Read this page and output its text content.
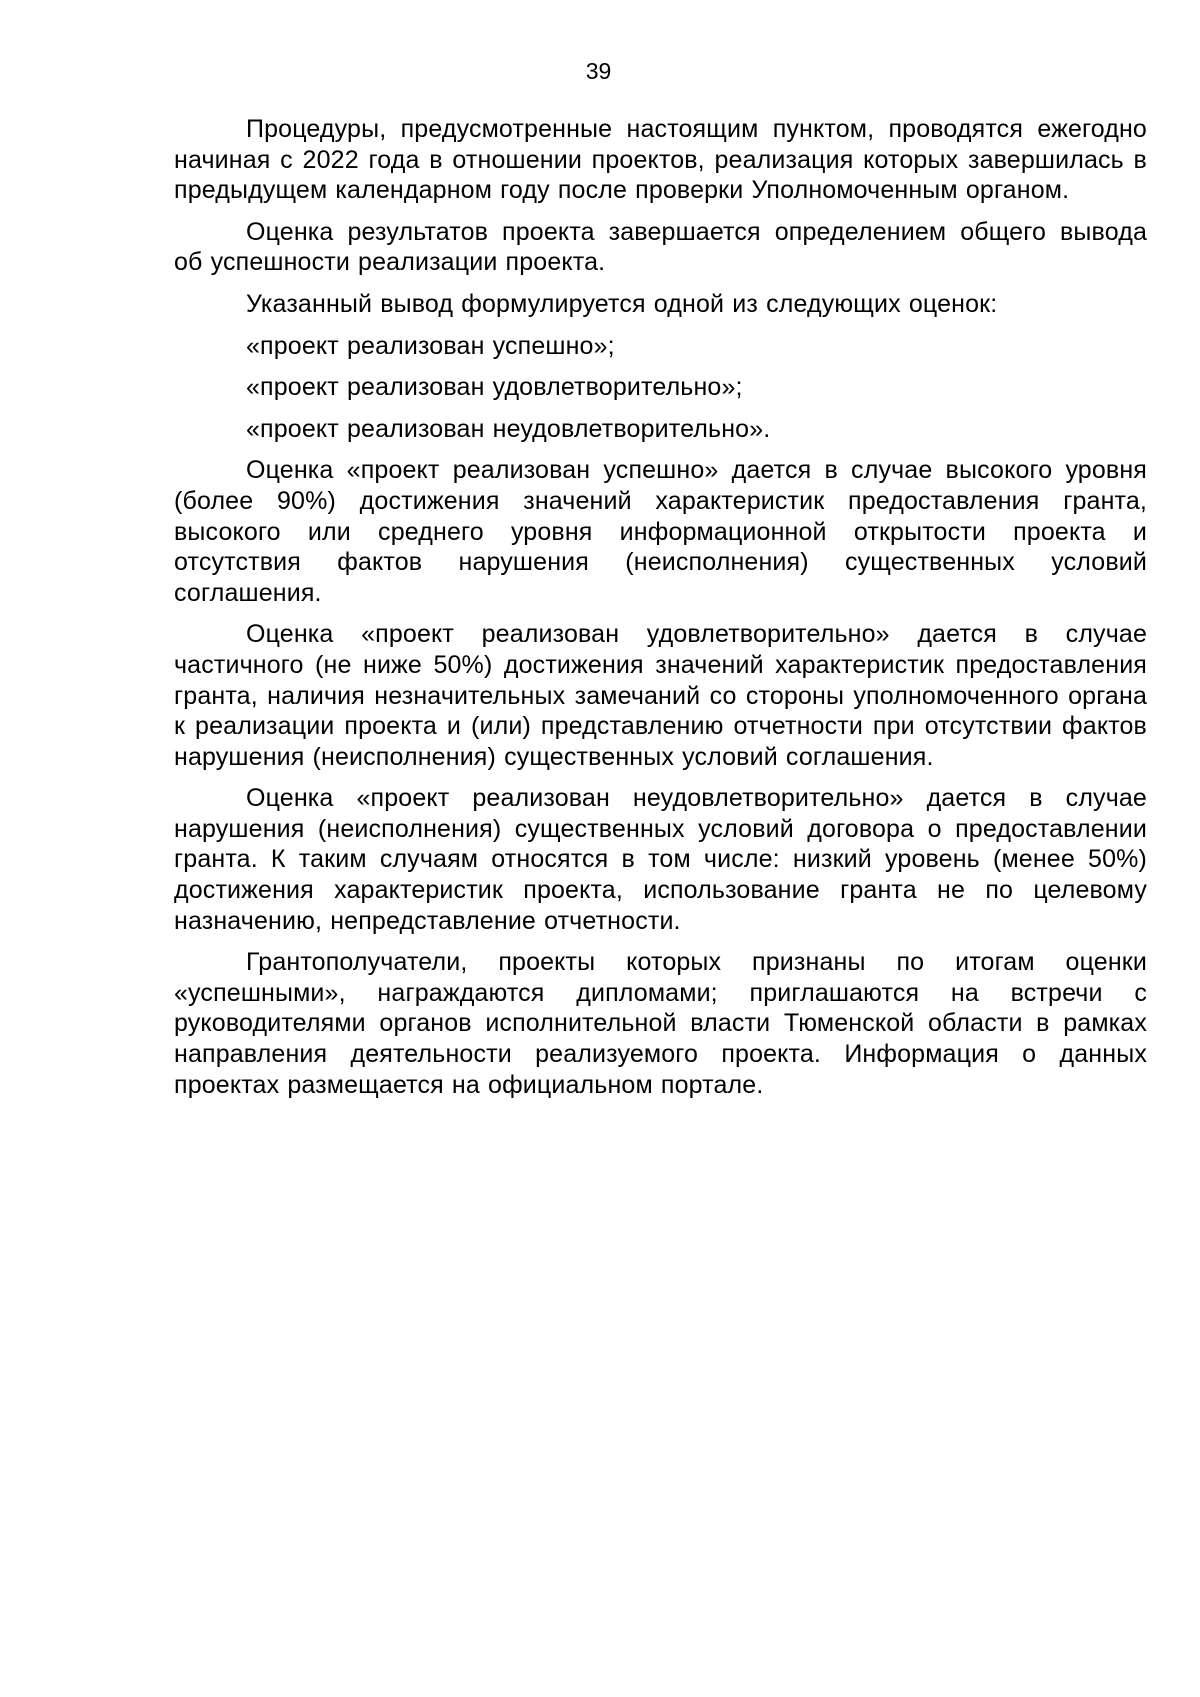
39

Процедуры, предусмотренные настоящим пунктом, проводятся ежегодно начиная с 2022 года в отношении проектов, реализация которых завершилась в предыдущем календарном году после проверки Уполномоченным органом.

Оценка результатов проекта завершается определением общего вывода об успешности реализации проекта.

Указанный вывод формулируется одной из следующих оценок:

«проект реализован успешно»;

«проект реализован удовлетворительно»;

«проект реализован неудовлетворительно».

Оценка «проект реализован успешно» дается в случае высокого уровня (более 90%) достижения значений характеристик предоставления гранта, высокого или среднего уровня информационной открытости проекта и отсутствия фактов нарушения (неисполнения) существенных условий соглашения.

Оценка «проект реализован удовлетворительно» дается в случае частичного (не ниже 50%) достижения значений характеристик предоставления гранта, наличия незначительных замечаний со стороны уполномоченного органа к реализации проекта и (или) представлению отчетности при отсутствии фактов нарушения (неисполнения) существенных условий соглашения.

Оценка «проект реализован неудовлетворительно» дается в случае нарушения (неисполнения) существенных условий договора о предоставлении гранта. К таким случаям относятся в том числе: низкий уровень (менее 50%) достижения характеристик проекта, использование гранта не по целевому назначению, непредставление отчетности.

Грантополучатели, проекты которых признаны по итогам оценки «успешными», награждаются дипломами; приглашаются на встречи с руководителями органов исполнительной власти Тюменской области в рамках направления деятельности реализуемого проекта. Информация о данных проектах размещается на официальном портале.
